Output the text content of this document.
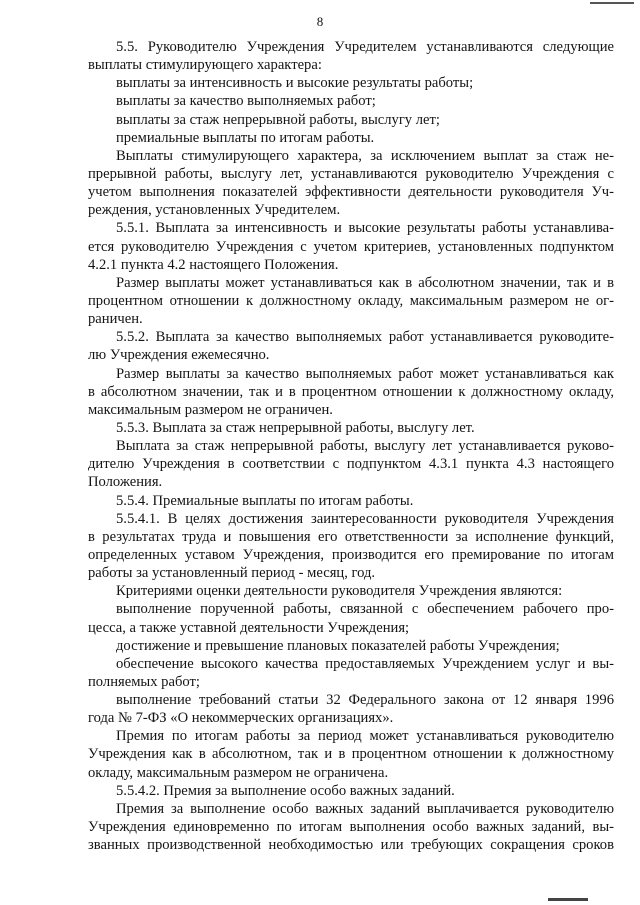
8
5.5. Руководителю Учреждения Учредителем устанавливаются следующие
выплаты стимулирующего характера:
выплаты за интенсивность и высокие результаты работы;
выплаты за качество выполняемых работ;
выплаты за стаж непрерывной работы, выслугу лет;
премиальные выплаты по итогам работы.
Выплаты стимулирующего характера, за исключением выплат за стаж не-
прерывной работы, выслугу лет, устанавливаются руководителю Учреждения с
учетом выполнения показателей эффективности деятельности руководителя Уч-
реждения, установленных Учредителем.
5.5.1. Выплата за интенсивность и высокие результаты работы устанавлива-
ется руководителю Учреждения с учетом критериев, установленных подпунктом
4.2.1 пункта 4.2 настоящего Положения.
Размер выплаты может устанавливаться как в абсолютном значении, так и в
процентном отношении к должностному окладу, максимальным размером не ог-
раничен.
5.5.2. Выплата за качество выполняемых работ устанавливается руководите-
лю Учреждения ежемесячно.
Размер выплаты за качество выполняемых работ может устанавливаться как
в абсолютном значении, так и в процентном отношении к должностному окладу,
максимальным размером не ограничен.
5.5.3. Выплата за стаж непрерывной работы, выслугу лет.
Выплата за стаж непрерывной работы, выслугу лет устанавливается руково-
дителю Учреждения в соответствии с подпунктом 4.3.1 пункта 4.3 настоящего
Положения.
5.5.4. Премиальные выплаты по итогам работы.
5.5.4.1. В целях достижения заинтересованности руководителя Учреждения
в результатах труда и повышения его ответственности за исполнение функций,
определенных уставом Учреждения, производится его премирование по итогам
работы за установленный период - месяц, год.
Критериями оценки деятельности руководителя Учреждения являются:
выполнение порученной работы, связанной с обеспечением рабочего про-
цесса, а также уставной деятельности Учреждения;
достижение и превышение плановых показателей работы Учреждения;
обеспечение высокого качества предоставляемых Учреждением услуг и вы-
полняемых работ;
выполнение требований статьи 32 Федерального закона от 12 января 1996
года № 7-ФЗ «О некоммерческих организациях».
Премия по итогам работы за период может устанавливаться руководителю
Учреждения как в абсолютном, так и в процентном отношении к должностному
окладу, максимальным размером не ограничена.
5.5.4.2. Премия за выполнение особо важных заданий.
Премия за выполнение особо важных заданий выплачивается руководителю
Учреждения единовременно по итогам выполнения особо важных заданий, вы-
званных производственной необходимостью или требующих сокращения сроков
